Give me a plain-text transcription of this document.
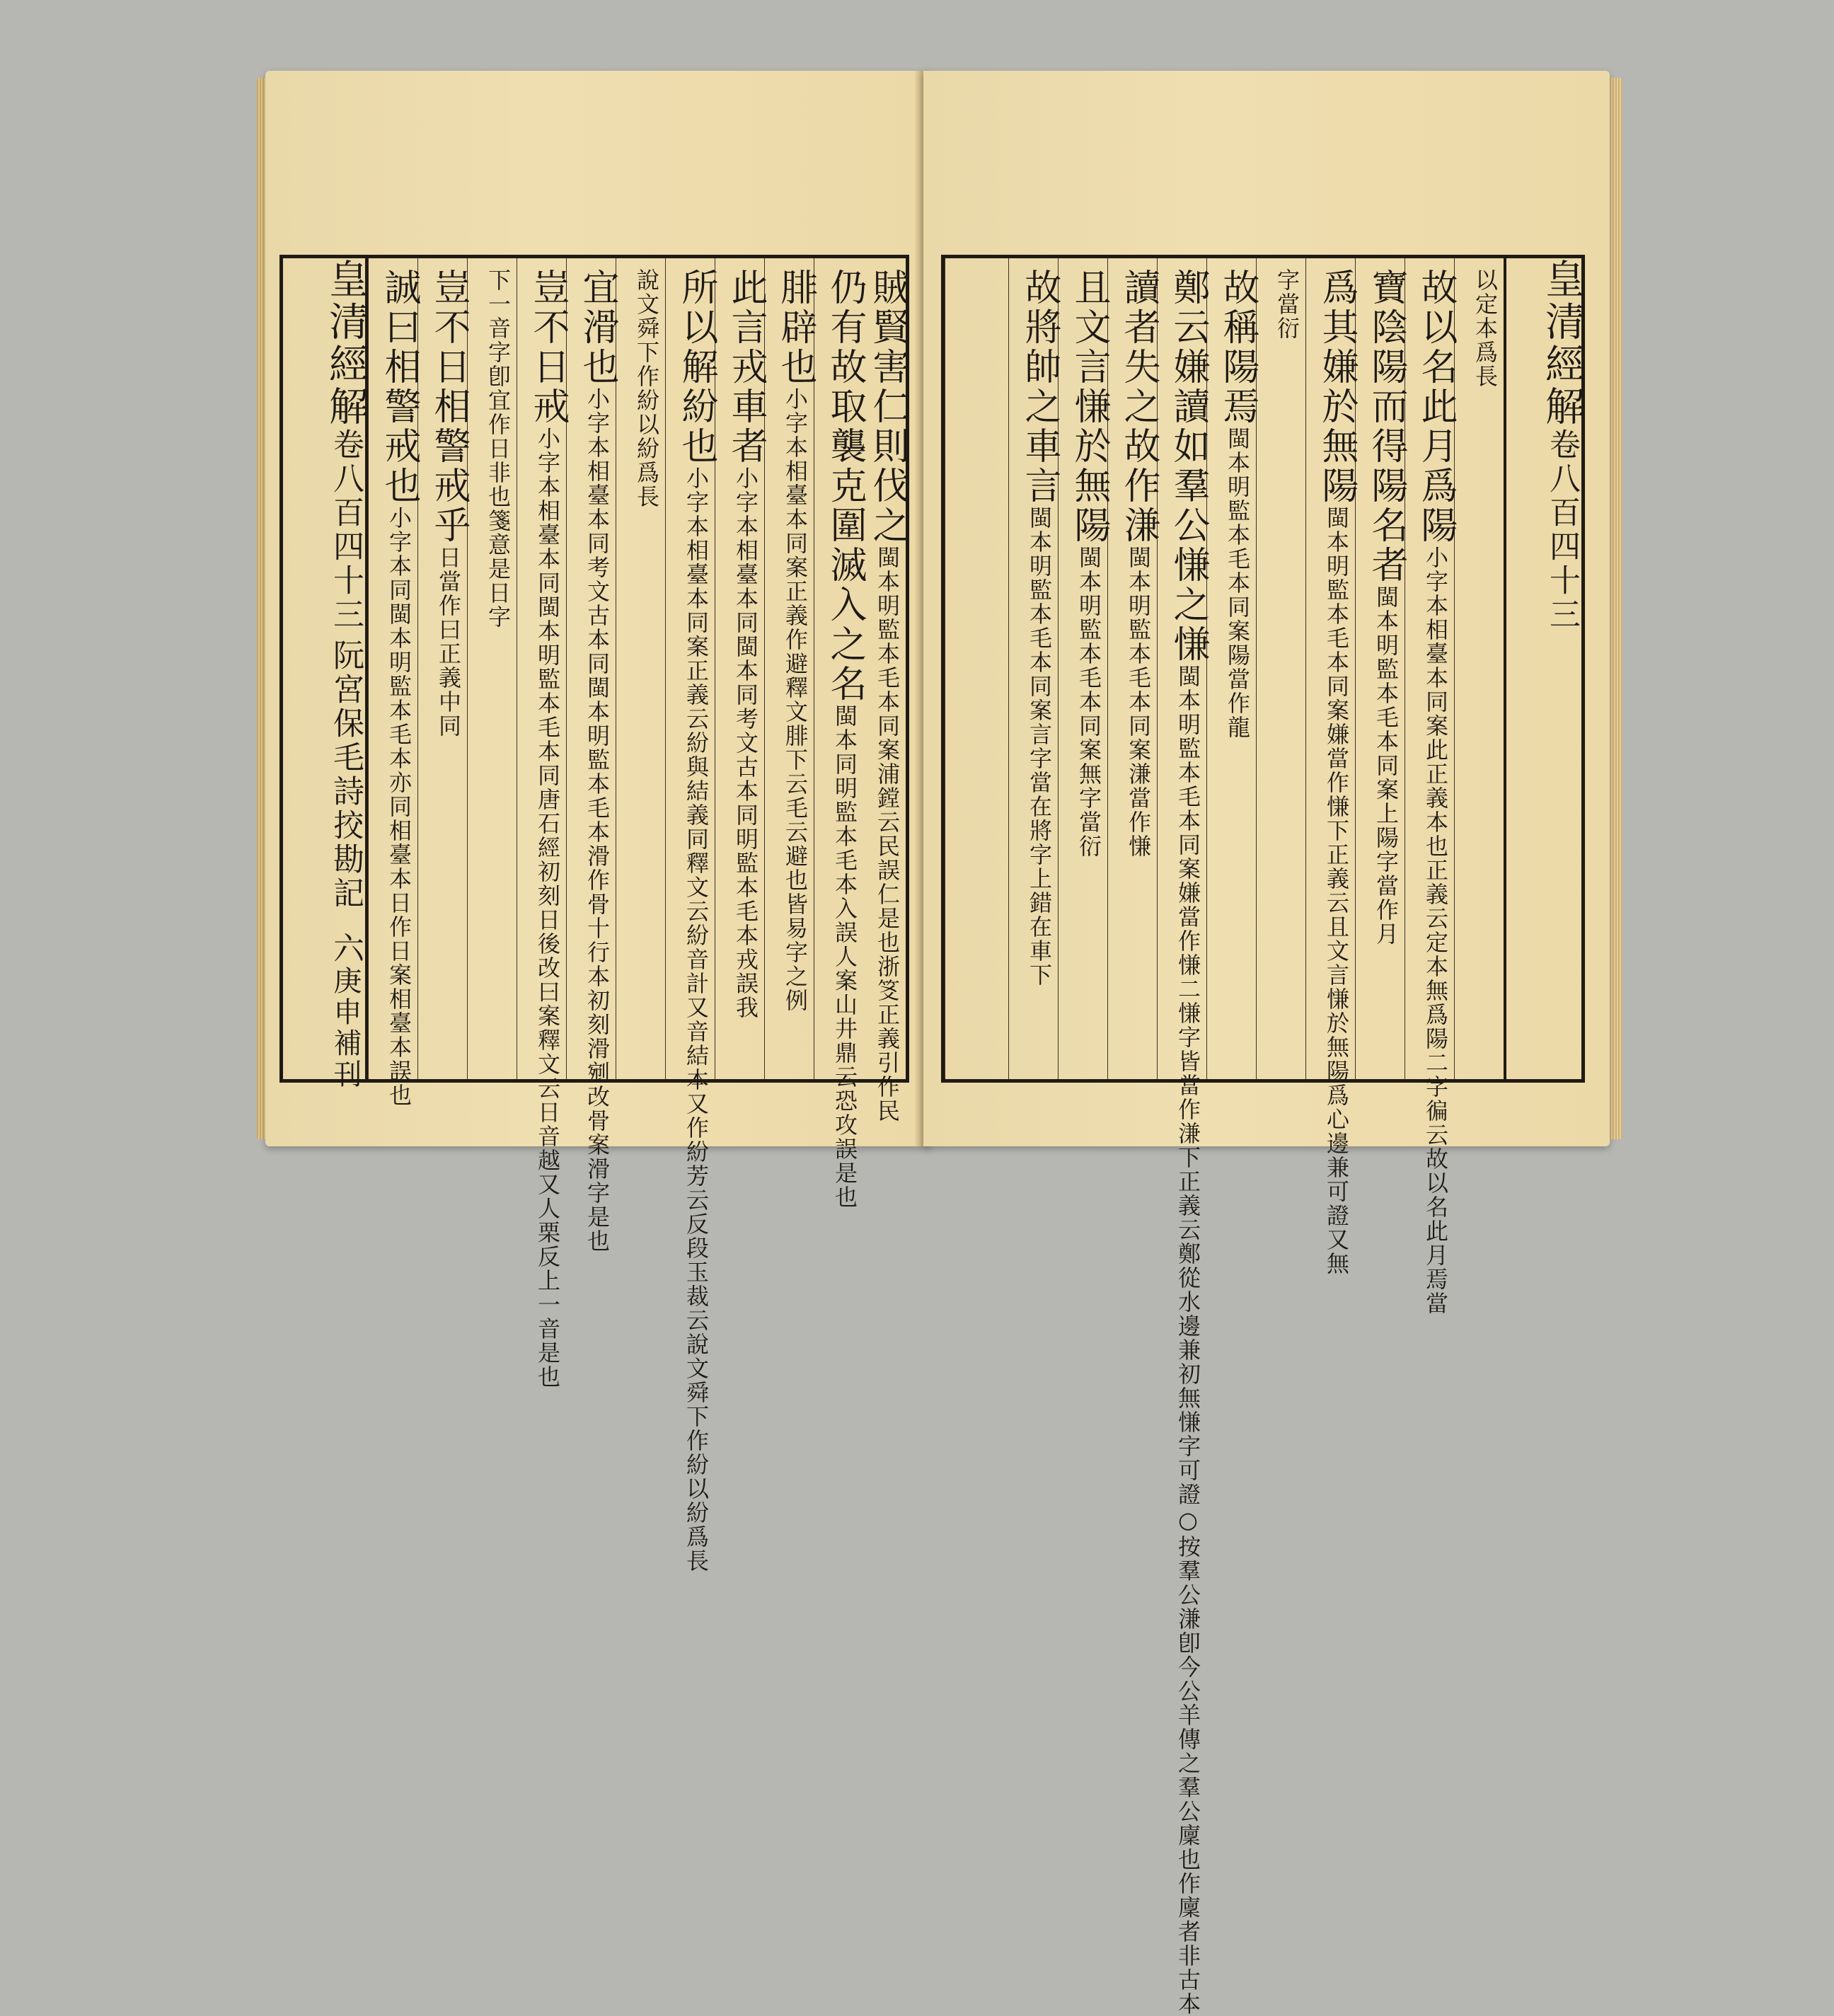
賊賢害仁則伐之閩本明監本毛本同案浦鏜云民誤仁是也浙笅正義引作民
仍有故取襲克圍滅入之名閩本同明監本毛本入誤人案山井鼎云恐攻誤是也
腓辟也小字本相臺本同案正義作避釋文腓下云毛云避也皆易字之例
此言戎車者小字本相臺本同閩本同考文古本同明監本毛本戎誤我
所以解紛也小字本相臺本同案正義云紛與結義同釋文云紛音計又音結本又作紛芳云反段玉裁云說文舜下作紛以紛爲長
說文舜下作紛以紛爲長
宜滑也小字本相臺本同考文古本同閩本明監本毛本滑作骨十行本初刻滑剜改骨案滑字是也
豈不日戒小字本相臺本同閩本明監本毛本同唐石經初刻日後改曰案釋文云日音越又人栗反上一音是也
下一音字卽宜作日非也箋意是日字
豈不日相警戒乎日當作曰正義中同
誠曰相警戒也小字本同閩本明監本毛本亦同相臺本日作日案相臺本誤也
皇清經解卷八百四十三阮宮保毛詩挍勘記六庚申補刊
皇清經解卷八百四十三
以定本爲長
故以名此月爲陽小字本相臺本同案此正義本也正義云定本無爲陽二字徧云故以名此月焉當
寶陰陽而得陽名者閩本明監本毛本同案上陽字當作月
爲其嫌於無陽閩本明監本毛本同案嫌當作慊下正義云且文言慊於無陽爲心邊兼可證又無
字當衍
故稱陽焉閩本明監本毛本同案陽當作龍
鄭云嫌讀如羣公慊之慊閩本明監本毛本同案嫌當作慊二慊字皆當作溓下正義云鄭從水邊兼初無慊字可證○按羣公溓卽今公羊傳之羣公廩也作廩者非古本
讀者失之故作溓閩本明監本毛本同案溓當作慊
且文言慊於無陽閩本明監本毛本同案無字當衍
故將帥之車言閩本明監本毛本同案言字當在將字上錯在車下
